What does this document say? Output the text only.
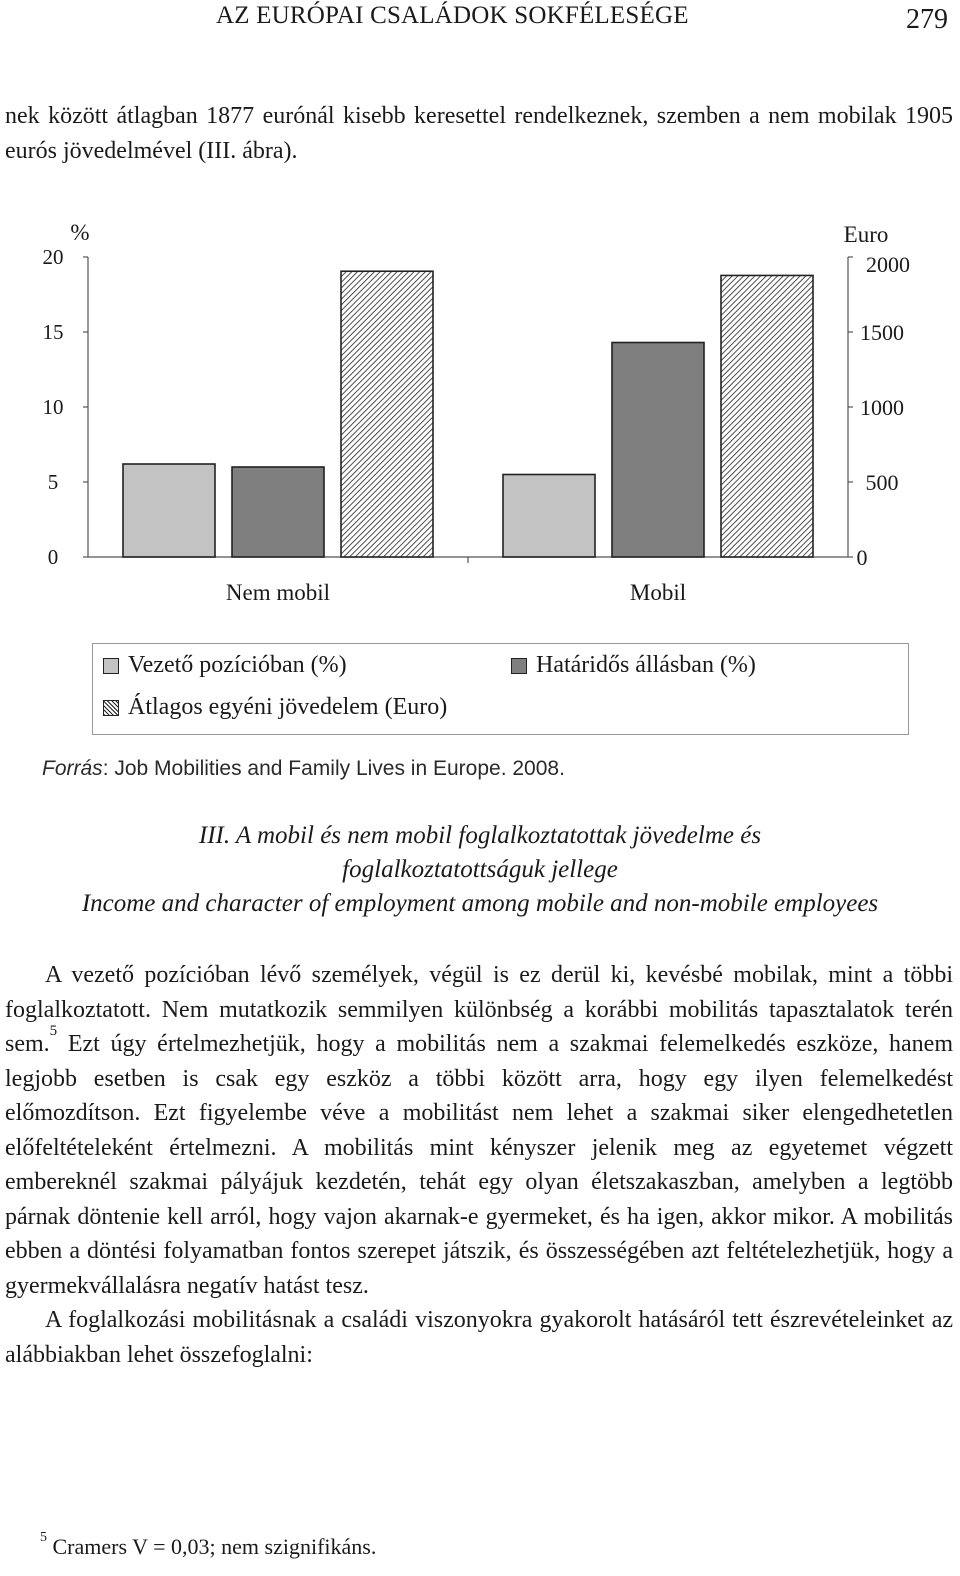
AZ EURÓPAI CSALÁDOK SOKFÉLESÉGE	279

nek között átlagban 1877 eurónál kisebb keresettel rendelkeznek, szemben a nem mobilak 1905 eurós jövedelmével (III. ábra).

0
5
10
15
20
%
0
500
1000
1500
2000
Euro
Nem mobil	Mobil
Vezető pozícióban (%)	Határidős állásban (%)
Átlagos egyéni jövedelem (Euro)
Forrás: Job Mobilities and Family Lives in Europe. 2008.
III. A mobil és nem mobil foglalkoztatottak jövedelme és
foglalkoztatottságuk jellege
Income and character of employment among mobile and non-mobile employees

A vezető pozícióban lévő személyek, végül is ez derül ki, kevésbé mobilak, mint a többi foglalkoztatott. Nem mutatkozik semmilyen különbség a korábbi mobilitás tapasztalatok terén sem.$^5$ Ezt úgy értelmezhetjük, hogy a mobilitás nem a szakmai felemelkedés eszköze, hanem legjobb esetben is csak egy eszköz a többi között arra, hogy egy ilyen felemelkedést előmozdítson. Ezt figyelembe véve a mobilitást nem lehet a szakmai siker elengedhetetlen előfeltételeként értelmezni. A mobilitás mint kényszer jelenik meg az egyetemet végzett embereknél szakmai pályájuk kezdetén, tehát egy olyan életszakaszban, amelyben a legtöbb párnak döntenie kell arról, hogy vajon akarnak-e gyermeket, és ha igen, akkor mikor. A mobilitás ebben a döntési folyamatban fontos szerepet játszik, és összességében azt feltételezhetjük, hogy a gyermekvállalásra negatív hatást tesz.

A foglalkozási mobilitásnak a családi viszonyokra gyakorolt hatásáról tett észrevételeinket az alábbiakban lehet összefoglalni:

$^5$ Cramers V = 0,03; nem szignifikáns.
